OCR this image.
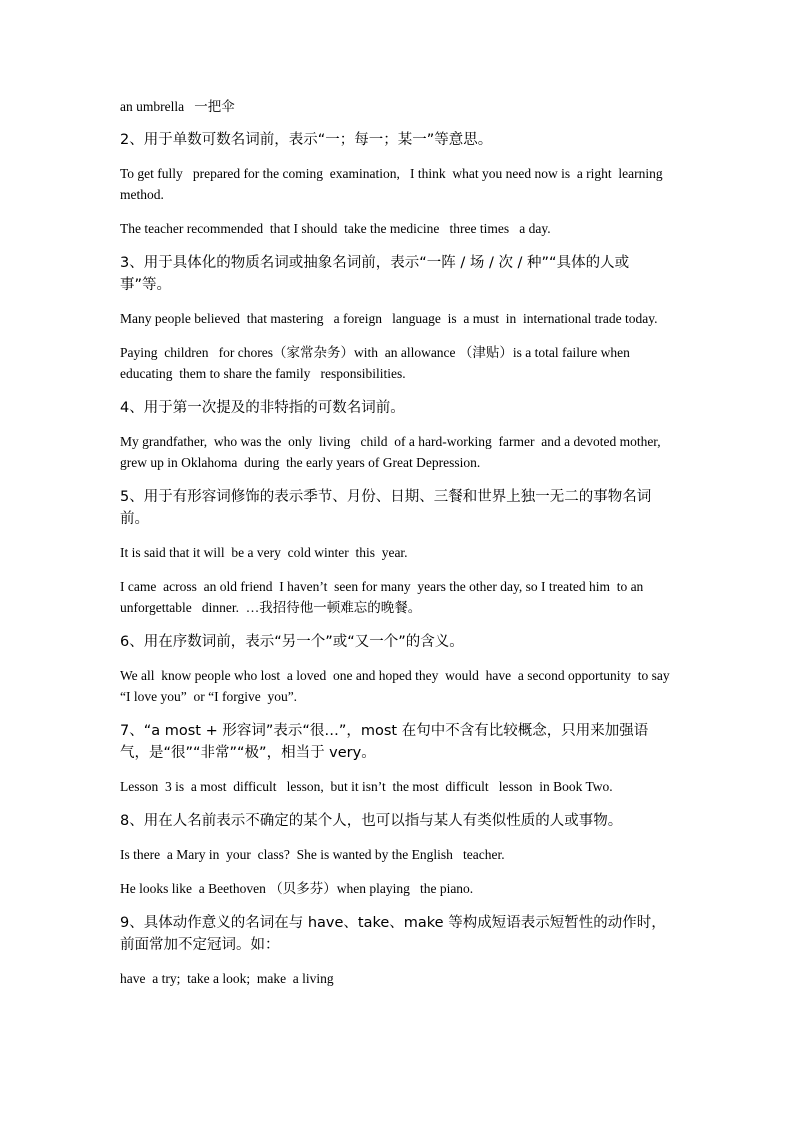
an umbrella   一把伞

2、用于单数可数名词前，表示“一；每一；某一”等意思。

To get fully   prepared for the coming  examination,   I think  what you need now is  a right  learning   method.

The teacher recommended  that I should  take the medicine   three times   a day.

3、用于具体化的物质名词或抽象名词前，表示“一阵 / 场 / 次 / 种”“具体的人或事”等。

Many people believed  that mastering   a foreign   language  is  a must  in  international trade today.

Paying  children   for chores（家常杂务）with  an allowance （津贴）is a total failure when  educating  them to share the family   responsibilities.

4、用于第一次提及的非特指的可数名词前。

My grandfather,  who was the  only  living   child  of a hard-working  farmer  and a devoted mother,  grew up in Oklahoma  during  the early years of Great Depression.

5、用于有形容词修饰的表示季节、月份、日期、三餐和世界上独一无二的事物名词前。

It is said that it will  be a very  cold winter  this  year.

I came  across  an old friend  I haven’t  seen for many  years the other day, so I treated him  to an unforgettable   dinner.  …我招待他一顿难忘的晚餐。

6、用在序数词前，表示“另一个”或“又一个”的含义。

We all  know people who lost  a loved  one and hoped they  would  have  a second opportunity  to say “I love you”  or “I forgive  you”.

7、“a most + 形容词”表示“很…”，most 在句中不含有比较概念，只用来加强语气，是“很”“非常”“极”，相当于 very。

Lesson  3 is  a most  difficult   lesson,  but it isn’t  the most  difficult   lesson  in Book Two.

8、用在人名前表示不确定的某个人，也可以指与某人有类似性质的人或事物。

Is there  a Mary in  your  class?  She is wanted by the English   teacher.

He looks like  a Beethoven （贝多芬）when playing   the piano.

9、具体动作意义的名词在与 have、take、make 等构成短语表示短暂性的动作时，前面常加不定冠词。如：

have  a try;  take a look;  make  a living
